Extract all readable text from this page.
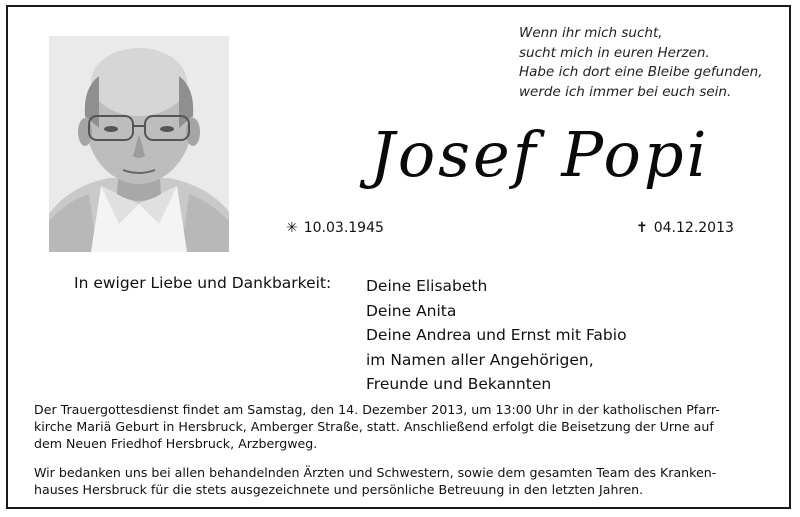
Wenn ihr mich sucht,
sucht mich in euren Herzen.
Habe ich dort eine Bleibe gefunden,
werde ich immer bei euch sein.
Josef Popi
✳ 10.03.1945	✝ 04.12.2013
In ewiger Liebe und Dankbarkeit: Deine Elisabeth
Deine Anita
Deine Andrea und Ernst mit Fabio
im Namen aller Angehörigen,
Freunde und Bekannten
Der Trauergottesdienst findet am Samstag, den 14. Dezember 2013, um 13:00 Uhr in der katholischen Pfarr-
kirche Mariä Geburt in Hersbruck, Amberger Straße, statt. Anschließend erfolgt die Beisetzung der Urne auf
dem Neuen Friedhof Hersbruck, Arzbergweg.
Wir bedanken uns bei allen behandelnden Ärzten und Schwestern, sowie dem gesamten Team des Kranken-
hauses Hersbruck für die stets ausgezeichnete und persönliche Betreuung in den letzten Jahren.
